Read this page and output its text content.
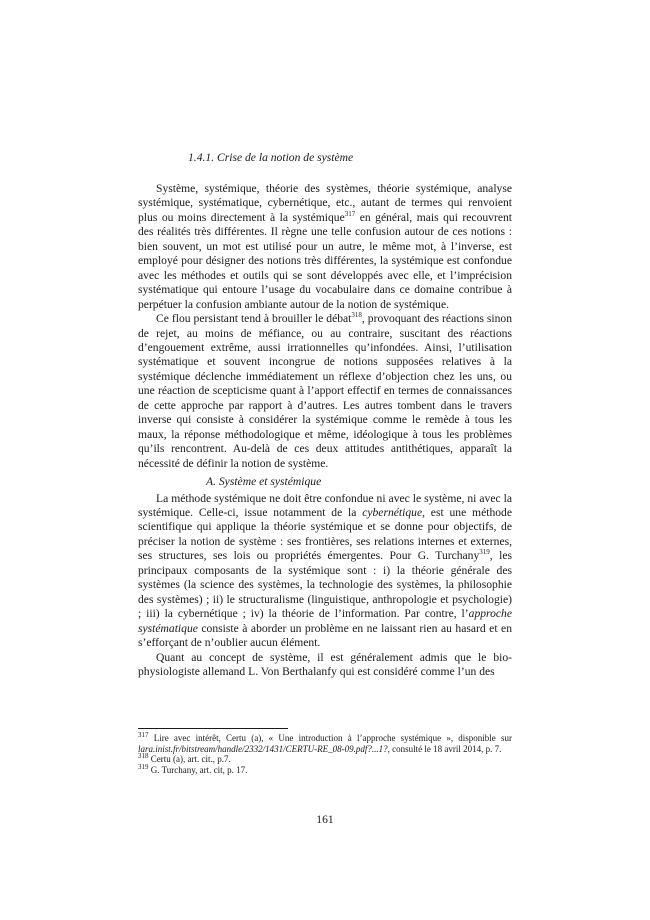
1.4.1. Crise de la notion de système

Système, systémique, théorie des systèmes, théorie systémique, analyse systémique, systématique, cybernétique, etc., autant de termes qui renvoient plus ou moins directement à la systémique$^{317}$ en général, mais qui recouvrent des réalités très différentes. Il règne une telle confusion autour de ces notions : bien souvent, un mot est utilisé pour un autre, le même mot, à l’inverse, est employé pour désigner des notions très différentes, la systémique est confondue avec les méthodes et outils qui se sont développés avec elle, et l’imprécision systématique qui entoure l’usage du vocabulaire dans ce domaine contribue à perpétuer la confusion ambiante autour de la notion de systémique.

Ce flou persistant tend à brouiller le débat$^{318}$, provoquant des réactions sinon de rejet, au moins de méfiance, ou au contraire, suscitant des réactions d’engouement extrême, aussi irrationnelles qu’infondées. Ainsi, l’utilisation systématique et souvent incongrue de notions supposées relatives à la systémique déclenche immédiatement un réflexe d’objection chez les uns, ou une réaction de scepticisme quant à l’apport effectif en termes de connaissances de cette approche par rapport à d’autres. Les autres tombent dans le travers inverse qui consiste à considérer la systémique comme le remède à tous les maux, la réponse méthodologique et même, idéologique à tous les problèmes qu’ils rencontrent. Au-delà de ces deux attitudes antithétiques, apparaît la nécessité de définir la notion de système.

A. Système et systémique

La méthode systémique ne doit être confondue ni avec le système, ni avec la systémique. Celle-ci, issue notamment de la cybernétique, est une méthode scientifique qui applique la théorie systémique et se donne pour objectifs, de préciser la notion de système : ses frontières, ses relations internes et externes, ses structures, ses lois ou propriétés émergentes. Pour G. Turchany$^{319}$, les principaux composants de la systémique sont : i) la théorie générale des systèmes (la science des systèmes, la technologie des systèmes, la philosophie des systèmes) ; ii) le structuralisme (linguistique, anthropologie et psychologie) ; iii) la cybernétique ; iv) la théorie de l’information. Par contre, l’approche systématique consiste à aborder un problème en ne laissant rien au hasard et en s’efforçant de n’oublier aucun élément.

Quant au concept de système, il est généralement admis que le bio-physiologiste allemand L. Von Berthalanfy qui est considéré comme l’un des

$^{317}$ Lire avec intérêt, Certu (a), « Une introduction à l’approche systémique », disponible sur lara.inist.fr/bitstream/handle/2332/1431/CERTU-RE_08-09.pdf?...1?, consulté le 18 avril 2014, p. 7.

$^{318}$ Certu (a), art. cit., p.7.

$^{319}$ G. Turchany, art. cit, p. 17.

161
